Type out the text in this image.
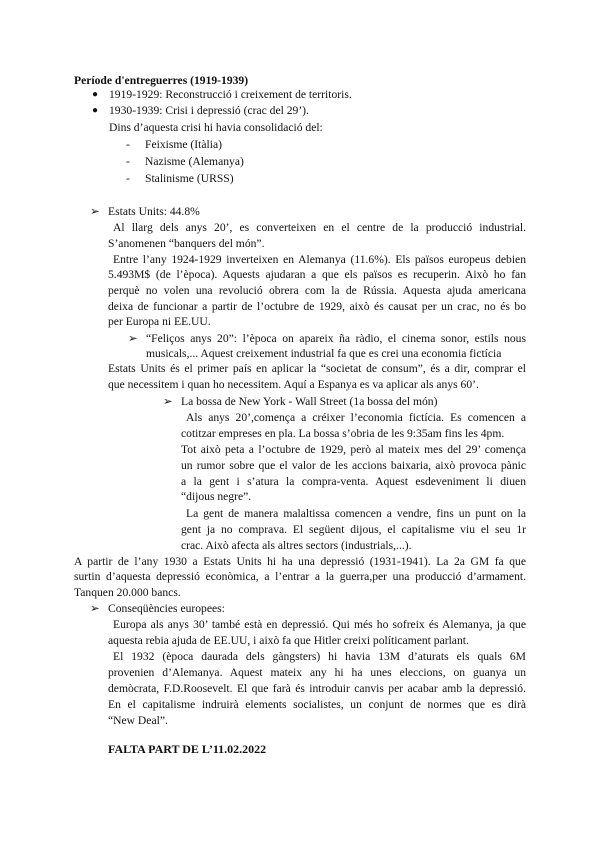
Període d'entreguerres (1919-1939)
● 1919-1929: Reconstrucció i creixement de territoris.
● 1930-1939: Crisi i depressió (crac del 29’).
Dins d’aquesta crisi hi havia consolidació del:
- Feixisme (Itàlia)
- Nazisme (Alemanya)
- Stalinisme (URSS)
➢ Estats Units: 44.8%
Al llarg dels anys 20’, es converteixen en el centre de la producció industrial.
S’anomenen “banquers del món”.
Entre l’any 1924-1929 inverteixen en Alemanya (11.6%). Els països europeus debien
5.493M$ (de l’època). Aquests ajudaran a que els països es recuperin. Això ho fan
perquè no volen una revolució obrera com la de Rússia. Aquesta ajuda americana
deixa de funcionar a partir de l’octubre de 1929, això és causat per un crac, no és bo
per Europa ni EE.UU.
➢ “Feliços anys 20”: l’època on apareix ña ràdio, el cinema sonor, estils nous
musicals,... Aquest creixement industrial fa que es crei una economia fictícia
Estats Units és el primer país en aplicar la “societat de consum”, és a dir, comprar el
que necessitem i quan ho necessitem. Aquí a Espanya es va aplicar als anys 60’.
➢ La bossa de New York - Wall Street (1a bossa del món)
Als anys 20’,comença a créixer l’economia fictícia. Es comencen a
cotitzar empreses en pla. La bossa s’obria de les 9:35am fins les 4pm.
Tot això peta a l’octubre de 1929, però al mateix mes del 29’ comença
un rumor sobre que el valor de les accions baixaria, això provoca pànic
a la gent i s’atura la compra-venta. Aquest esdeveniment li diuen
“dijous negre”.
La gent de manera malaltissa comencen a vendre, fins un punt on la
gent ja no comprava. El següent dijous, el capitalisme viu el seu 1r
crac. Això afecta als altres sectors (industrials,...).
A partir de l’any 1930 a Estats Units hi ha una depressió (1931-1941). La 2a GM fa que
surtin d’aquesta depressió econòmica, a l’entrar a la guerra,per una producció d’armament.
Tanquen 20.000 bancs.
➢ Conseqüències europees:
Europa als anys 30’ també està en depressió. Qui més ho sofreix és Alemanya, ja que
aquesta rebia ajuda de EE.UU, i això fa que Hitler creixi políticament parlant.
El 1932 (època daurada dels gàngsters) hi havia 13M d’aturats els quals 6M
provenien d’Alemanya. Aquest mateix any hi ha unes eleccions, on guanya un
demòcrata, F.D.Roosevelt. El que farà és introduir canvis per acabar amb la depressió.
En el capitalisme indruirà elements socialistes, un conjunt de normes que es dirà
“New Deal”.
FALTA PART DE L’11.02.2022
